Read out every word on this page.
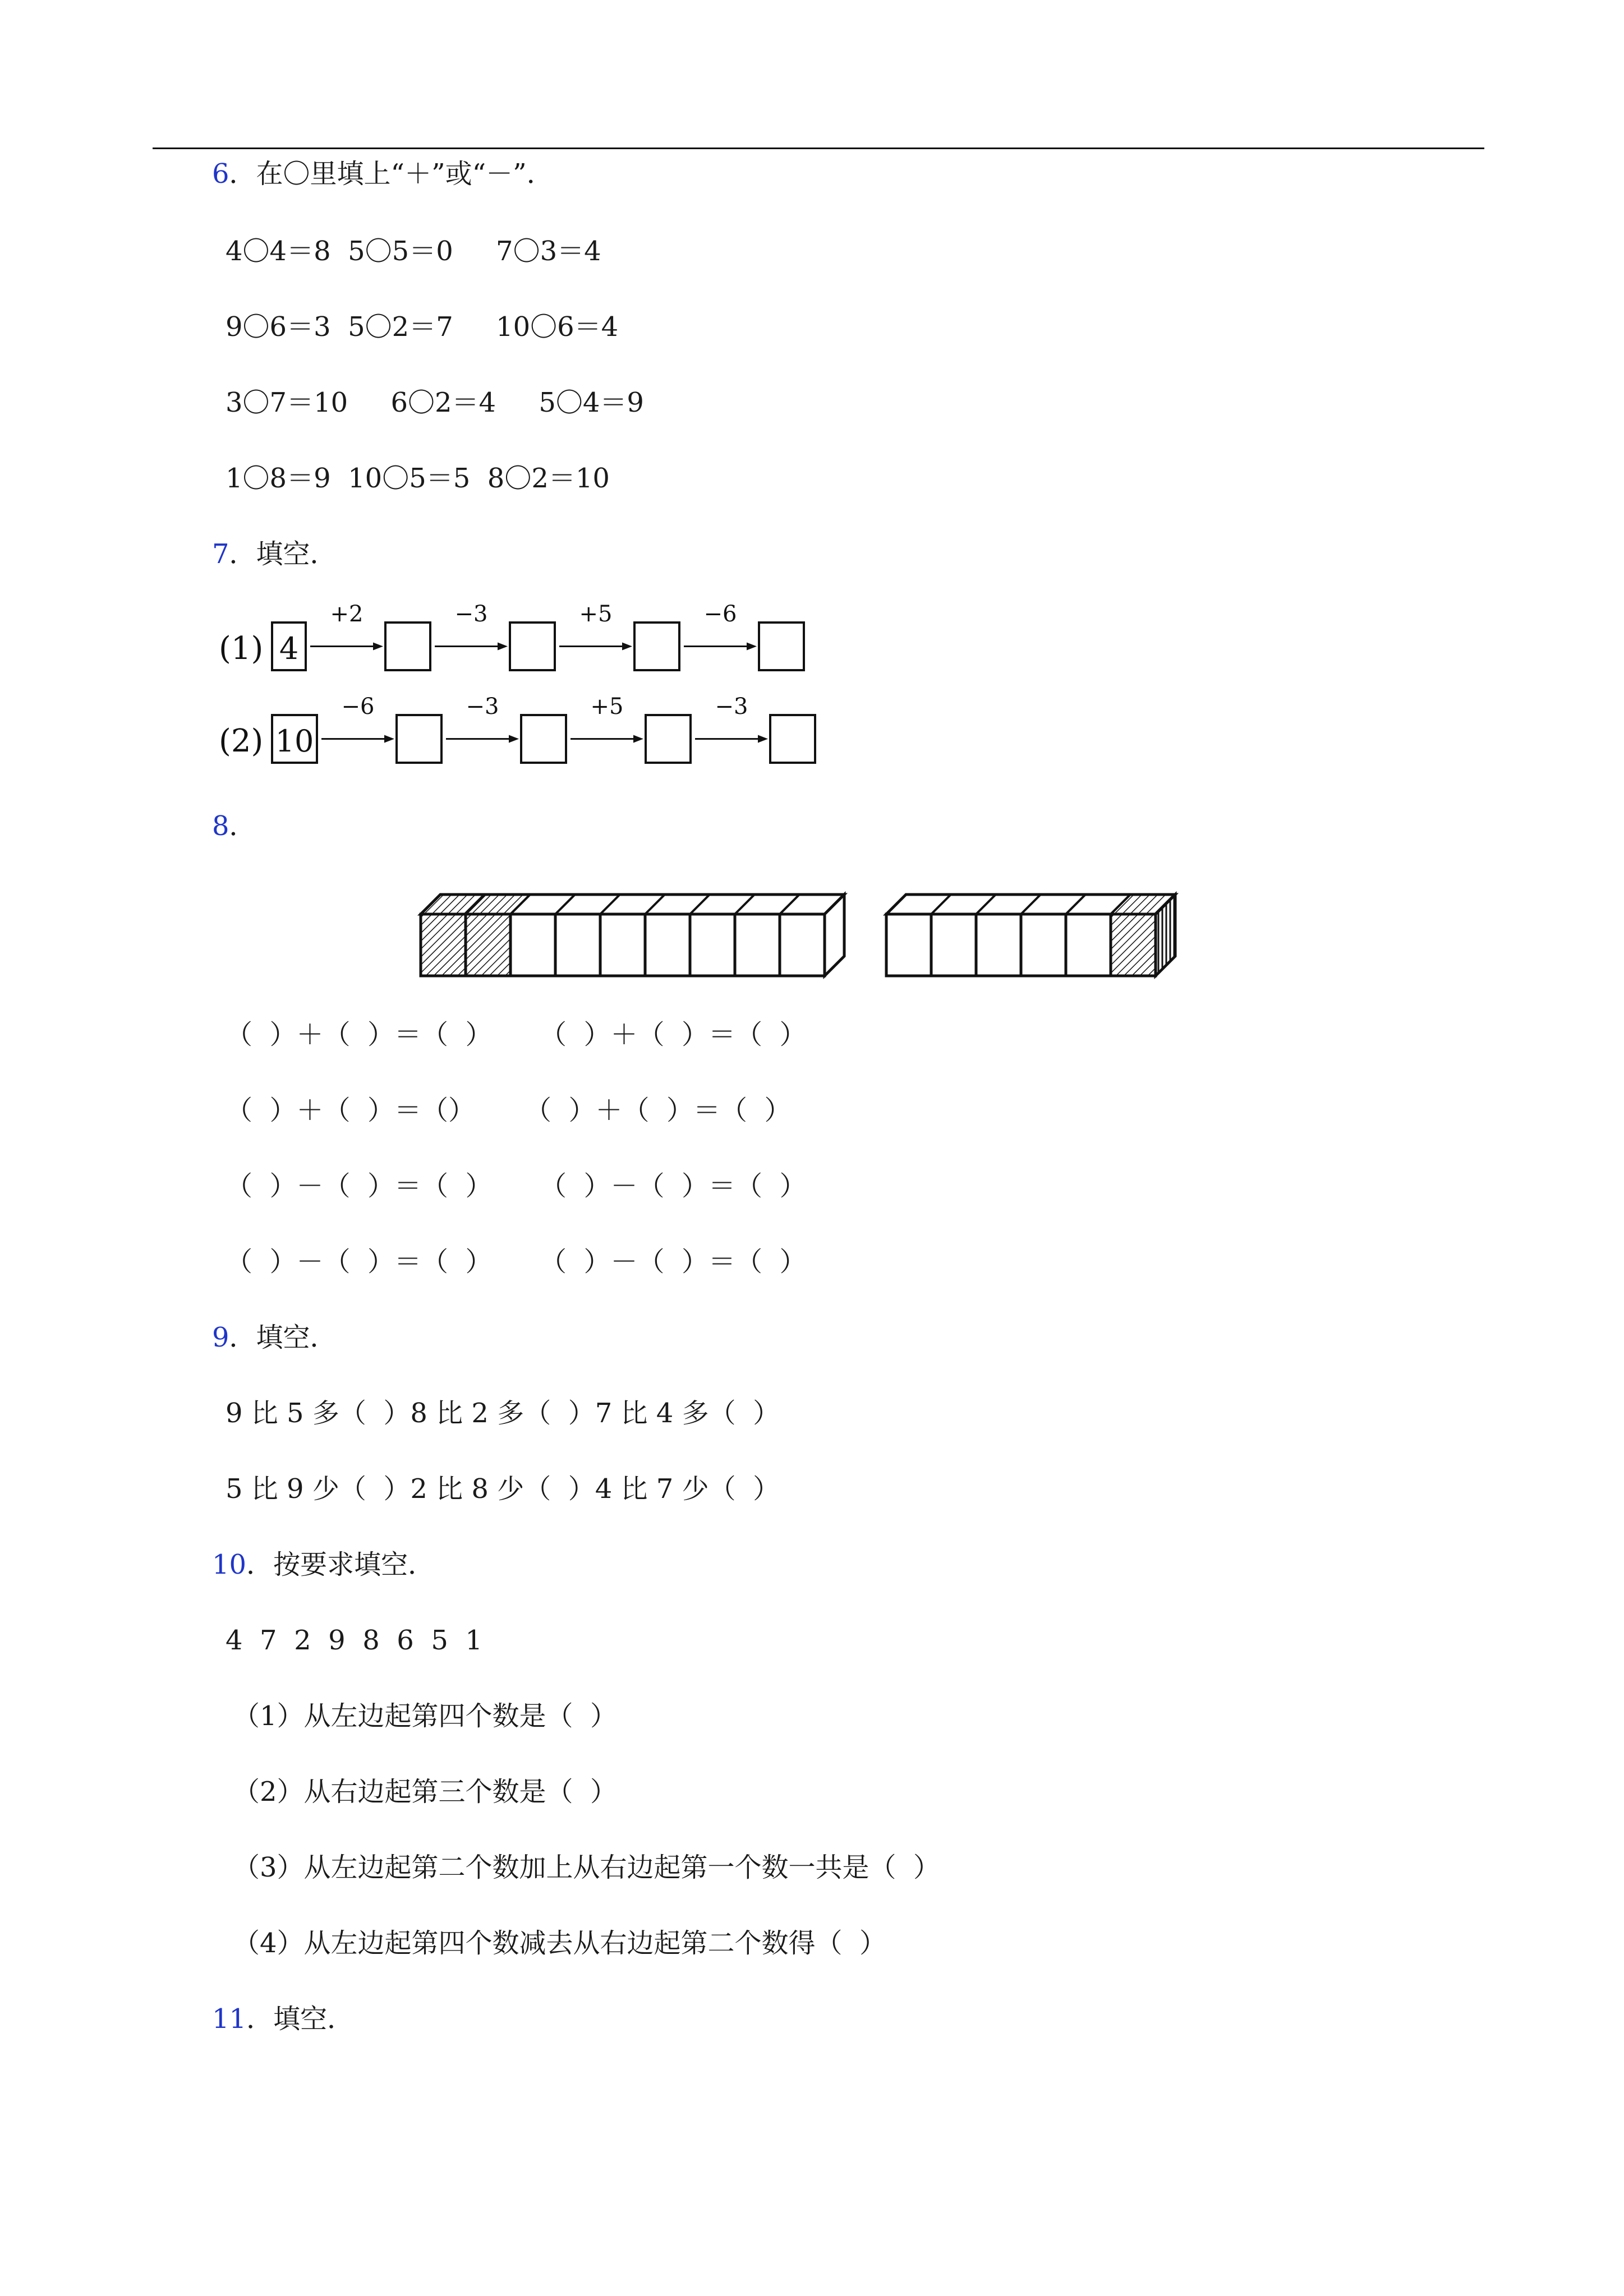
6．在〇里填上“＋”或“－”．
4〇4＝8  5〇5＝0     7〇3＝4
9〇6＝3  5〇2＝7     10〇6＝4
3〇7＝10     6〇2＝4     5〇4＝9
1〇8＝9  10〇5＝5  8〇2＝10
7．填空．
(1) 4
+2	−3	+5	−6
(2) 10
−6	−3	+5	−3
8．
（  ）＋（  ）＝（  ） （  ）＋（  ）＝（  ）
（  ）＋（  ）＝（） （  ）＋（  ）＝（  ）
（  ）－（  ）＝（  ） （  ）－（  ）＝（  ）
（  ）－（  ）＝（  ） （  ）－（  ）＝（  ）
9．填空．
9 比 5 多（  ）8 比 2 多（  ）7 比 4 多（  ）
5 比 9 少（  ）2 比 8 少（  ）4 比 7 少（  ）
10．按要求填空．
4  7  2  9  8  6  5  1
（1）从左边起第四个数是（  ）
（2）从右边起第三个数是（  ）
（3）从左边起第二个数加上从右边起第一个数一共是（  ）
（4）从左边起第四个数减去从右边起第二个数得（  ）
11．填空．
